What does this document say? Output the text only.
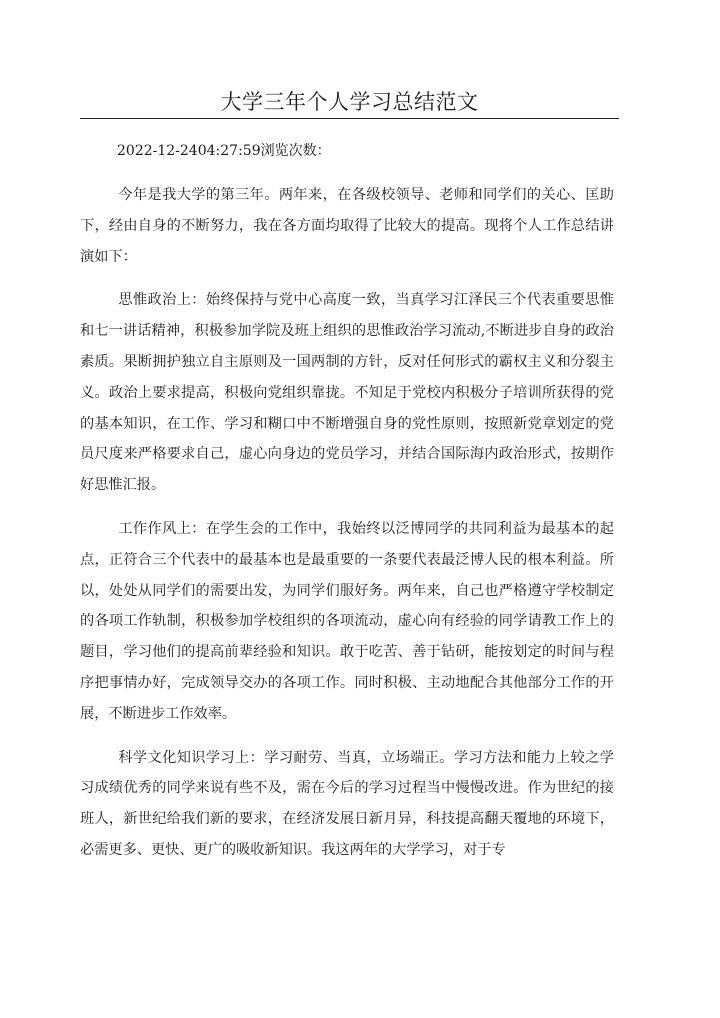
大学三年个人学习总结范文
2022-12-2404:27:59浏览次数：

今年是我大学的第三年。两年来，在各级校领导、老师和同学们的关心、匡助下，经由自身的不断努力，我在各方面均取得了比较大的提高。现将个人工作总结讲演如下：

思惟政治上：始终保持与党中心高度一致，当真学习江泽民三个代表重要思惟和七一讲话精神，积极参加学院及班上组织的思惟政治学习流动,不断进步自身的政治素质。果断拥护独立自主原则及一国两制的方针，反对任何形式的霸权主义和分裂主义。政治上要求提高，积极向党组织靠拢。不知足于党校内积极分子培训所获得的党的基本知识，在工作、学习和糊口中不断增强自身的党性原则，按照新党章划定的党员尺度来严格要求自己，虚心向身边的党员学习，并结合国际海内政治形式，按期作好思惟汇报。

工作作风上：在学生会的工作中，我始终以泛博同学的共同利益为最基本的起点，正符合三个代表中的最基本也是最重要的一条要代表最泛博人民的根本利益。所以，处处从同学们的需要出发，为同学们服好务。两年来，自己也严格遵守学校制定的各项工作轨制，积极参加学校组织的各项流动，虚心向有经验的同学请教工作上的题目，学习他们的提高前辈经验和知识。敢于吃苦、善于钻研，能按划定的时间与程序把事情办好，完成领导交办的各项工作。同时积极、主动地配合其他部分工作的开展，不断进步工作效率。

科学文化知识学习上：学习耐劳、当真，立场端正。学习方法和能力上较之学习成绩优秀的同学来说有些不及，需在今后的学习过程当中慢慢改进。作为世纪的接班人，新世纪给我们新的要求，在经济发展日新月异，科技提高翻天覆地的环境下，必需更多、更快、更广的吸收新知识。我这两年的大学学习，对于专
